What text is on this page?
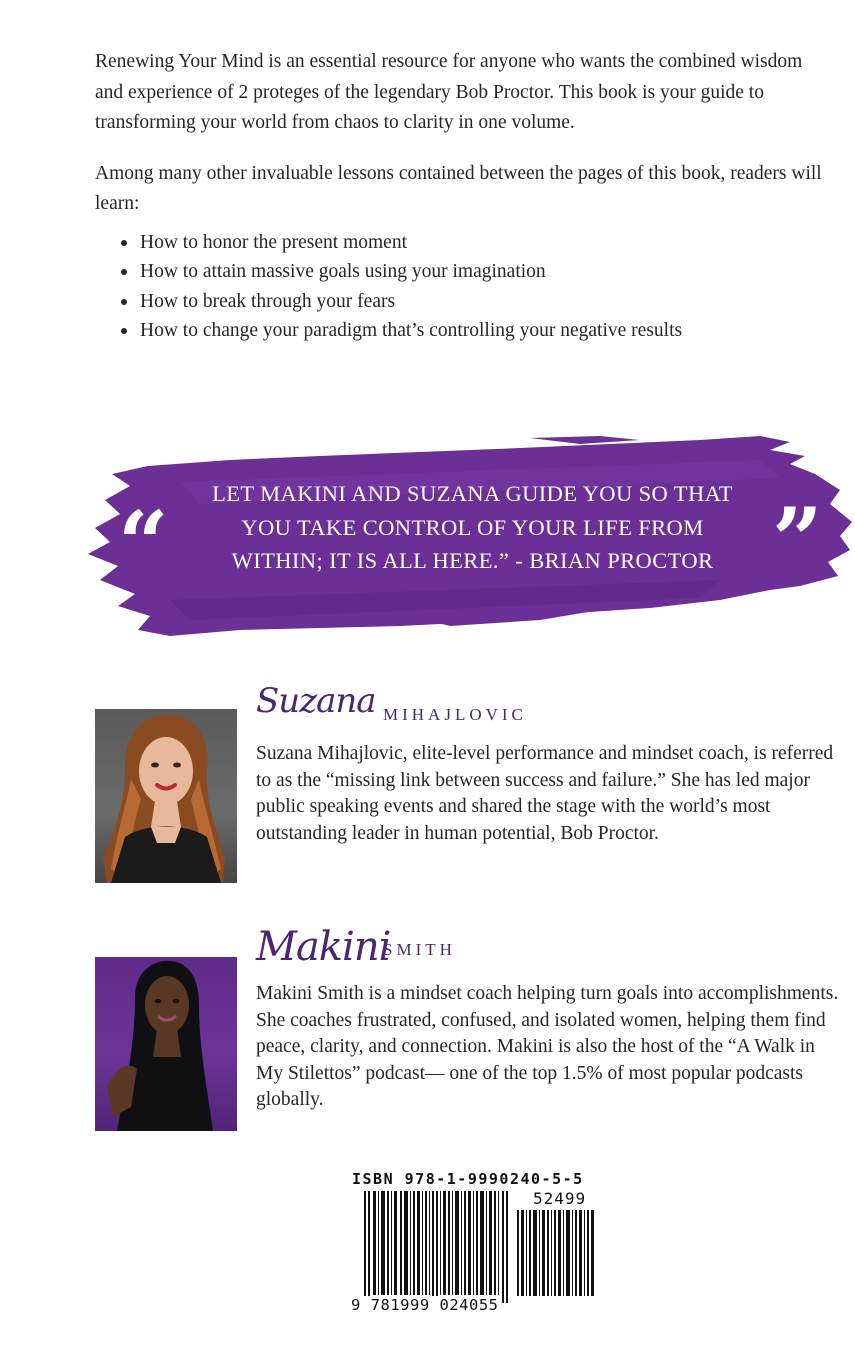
Renewing Your Mind is an essential resource for anyone who wants the combined wisdom and experience of 2 proteges of the legendary Bob Proctor. This book is your guide to transforming your world from chaos to clarity in one volume.

Among many other invaluable lessons contained between the pages of this book, readers will learn:

How to honor the present moment
How to attain massive goals using your imagination
How to break through your fears
How to change your paradigm that’s controlling your negative results
“	”
LET MAKINI AND SUZANA GUIDE YOU SO THAT
YOU TAKE CONTROL OF YOUR LIFE FROM
WITHIN; IT IS ALL HERE.” - BRIAN PROCTOR
Suzana MIHAJLOVIC

Suzana Mihajlovic, elite-level performance and mindset coach, is referred to as the “missing link between success and failure.” She has led major public speaking events and shared the stage with the world’s most outstanding leader in human potential, Bob Proctor.

Makini
SMITH

Makini Smith is a mindset coach helping turn goals into accomplishments. She coaches frustrated, confused, and isolated women, helping them find peace, clarity, and connection. Makini is also the host of the “A Walk in My Stilettos” podcast— one of the top 1.5% of most popular podcasts globally.

ISBN 978-1-9990240-5-5
52499
9 781999 024055
